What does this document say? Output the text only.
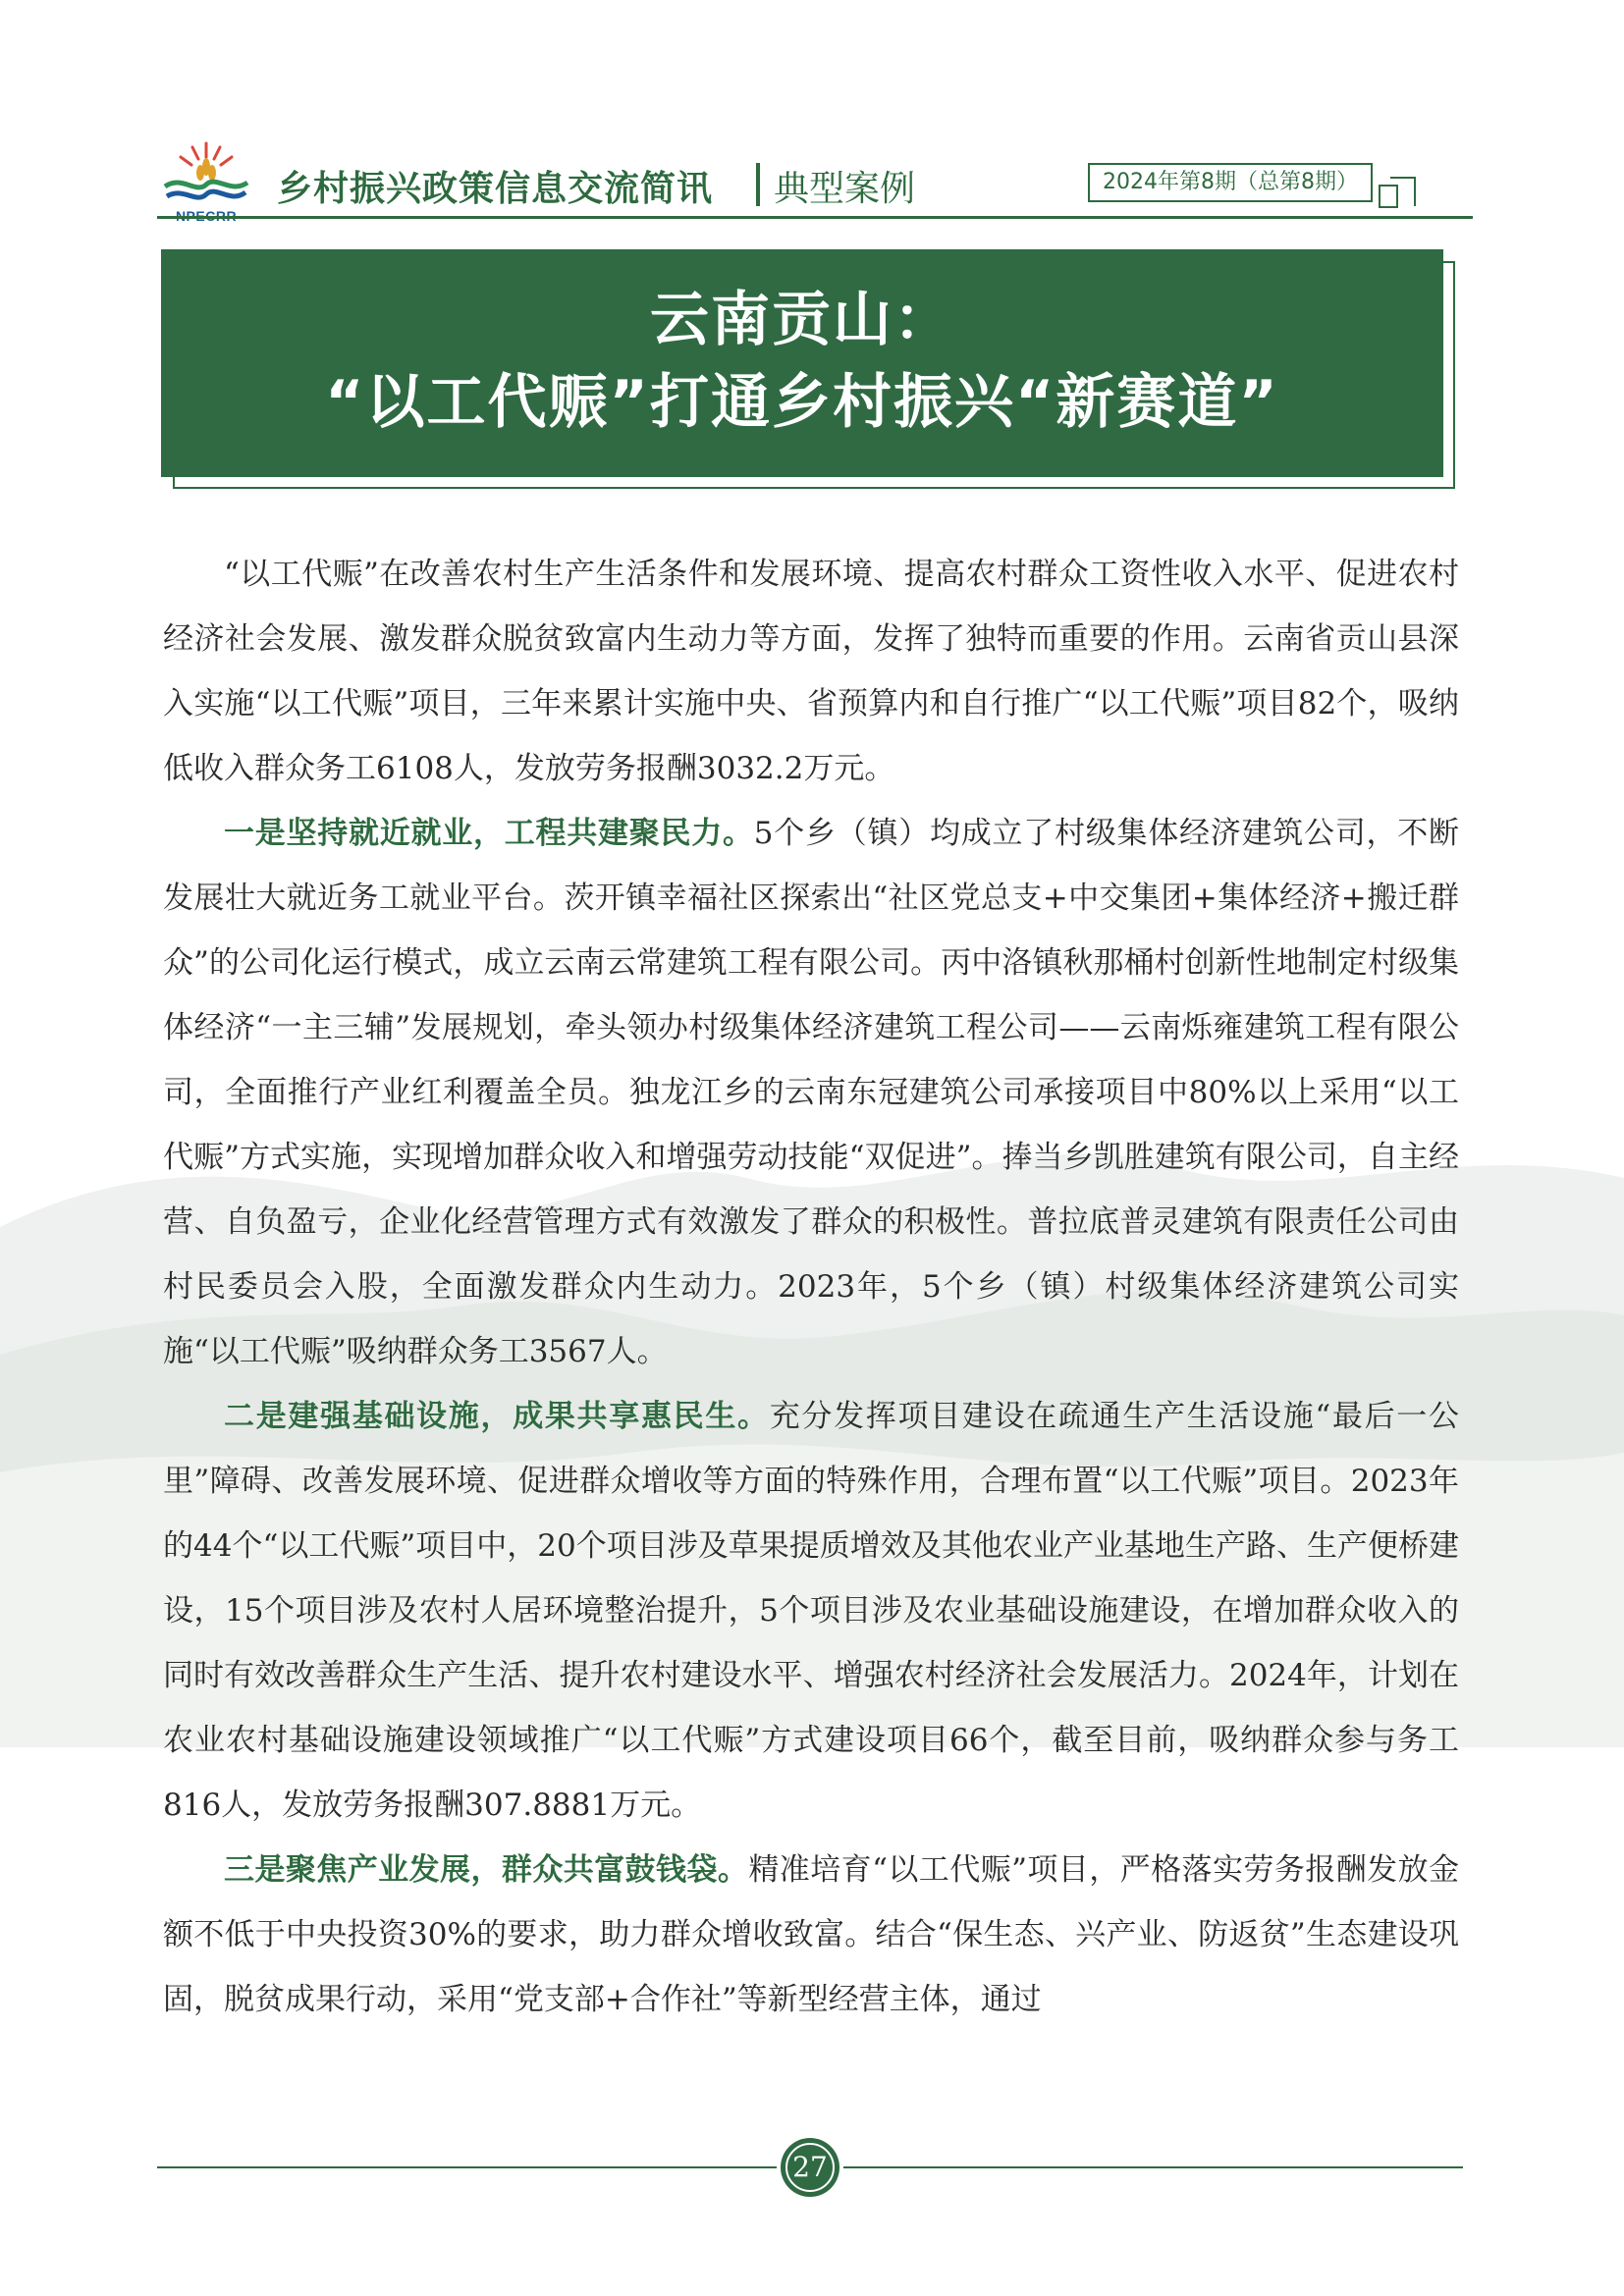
乡村振兴政策信息交流简讯 典型案例	2024年第8期（总第8期）
云南贡山：
“以工代赈”打通乡村振兴“新赛道”

“以工代赈”在改善农村生产生活条件和发展环境、提高农村群众工资性收入水平、促进农村经济社会发展、激发群众脱贫致富内生动力等方面，发挥了独特而重要的作用。云南省贡山县深入实施“以工代赈”项目，三年来累计实施中央、省预算内和自行推广“以工代赈”项目82个，吸纳低收入群众务工6108人，发放劳务报酬3032.2万元。

一是坚持就近就业，工程共建聚民力。5个乡（镇）均成立了村级集体经济建筑公司，不断发展壮大就近务工就业平台。茨开镇幸福社区探索出“社区党总支+中交集团+集体经济+搬迁群众”的公司化运行模式，成立云南云常建筑工程有限公司。丙中洛镇秋那桶村创新性地制定村级集体经济“一主三辅”发展规划，牵头领办村级集体经济建筑工程公司——云南烁雍建筑工程有限公司，全面推行产业红利覆盖全员。独龙江乡的云南东冠建筑公司承接项目中80%以上采用“以工代赈”方式实施，实现增加群众收入和增强劳动技能“双促进”。捧当乡凯胜建筑有限公司，自主经营、自负盈亏，企业化经营管理方式有效激发了群众的积极性。普拉底普灵建筑有限责任公司由村民委员会入股，全面激发群众内生动力。2023年，5个乡（镇）村级集体经济建筑公司实施“以工代赈”吸纳群众务工3567人。

二是建强基础设施，成果共享惠民生。充分发挥项目建设在疏通生产生活设施“最后一公里”障碍、改善发展环境、促进群众增收等方面的特殊作用，合理布置“以工代赈”项目。2023年的44个“以工代赈”项目中，20个项目涉及草果提质增效及其他农业产业基地生产路、生产便桥建设，15个项目涉及农村人居环境整治提升，5个项目涉及农业基础设施建设，在增加群众收入的同时有效改善群众生产生活、提升农村建设水平、增强农村经济社会发展活力。2024年，计划在农业农村基础设施建设领域推广“以工代赈”方式建设项目66个，截至目前，吸纳群众参与务工816人，发放劳务报酬307.8881万元。

三是聚焦产业发展，群众共富鼓钱袋。精准培育“以工代赈”项目，严格落实劳务报酬发放金额不低于中央投资30%的要求，助力群众增收致富。结合“保生态、兴产业、防返贫”生态建设巩固，脱贫成果行动，采用“党支部+合作社”等新型经营主体，通过

27
